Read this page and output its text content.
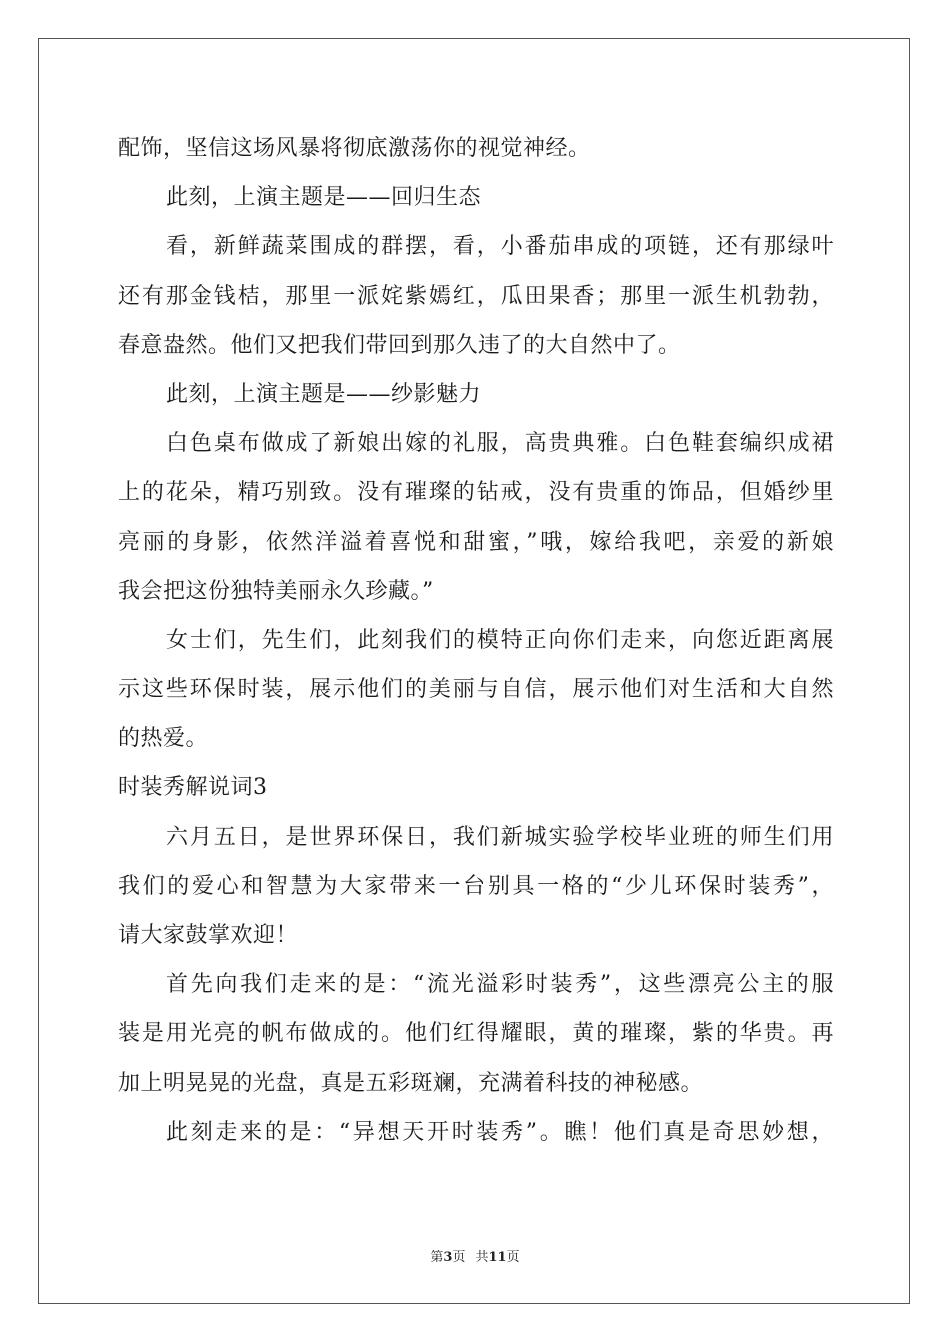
配饰，坚信这场风暴将彻底激荡你的视觉神经。
此刻，上演主题是——回归生态
看，新鲜蔬菜围成的群摆，看，小番茄串成的项链，还有那绿叶
还有那金钱桔，那里一派姹紫嫣红，瓜田果香；那里一派生机勃勃，
春意盎然。他们又把我们带回到那久违了的大自然中了。
此刻，上演主题是——纱影魅力
白色桌布做成了新娘出嫁的礼服，高贵典雅。白色鞋套编织成裙
上的花朵，精巧别致。没有璀璨的钻戒，没有贵重的饰品，但婚纱里
亮丽的身影，依然洋溢着喜悦和甜蜜，”哦，嫁给我吧，亲爱的新娘
我会把这份独特美丽永久珍藏。”
女士们，先生们，此刻我们的模特正向你们走来，向您近距离展
示这些环保时装，展示他们的美丽与自信，展示他们对生活和大自然
的热爱。
时装秀解说词3
六月五日，是世界环保日，我们新城实验学校毕业班的师生们用
我们的爱心和智慧为大家带来一台别具一格的“少儿环保时装秀”，
请大家鼓掌欢迎！
首先向我们走来的是：“流光溢彩时装秀”，这些漂亮公主的服
装是用光亮的帆布做成的。他们红得耀眼，黄的璀璨，紫的华贵。再
加上明晃晃的光盘，真是五彩斑斓，充满着科技的神秘感。
此刻走来的是：“异想天开时装秀”。瞧！他们真是奇思妙想，
第3页 共11页
